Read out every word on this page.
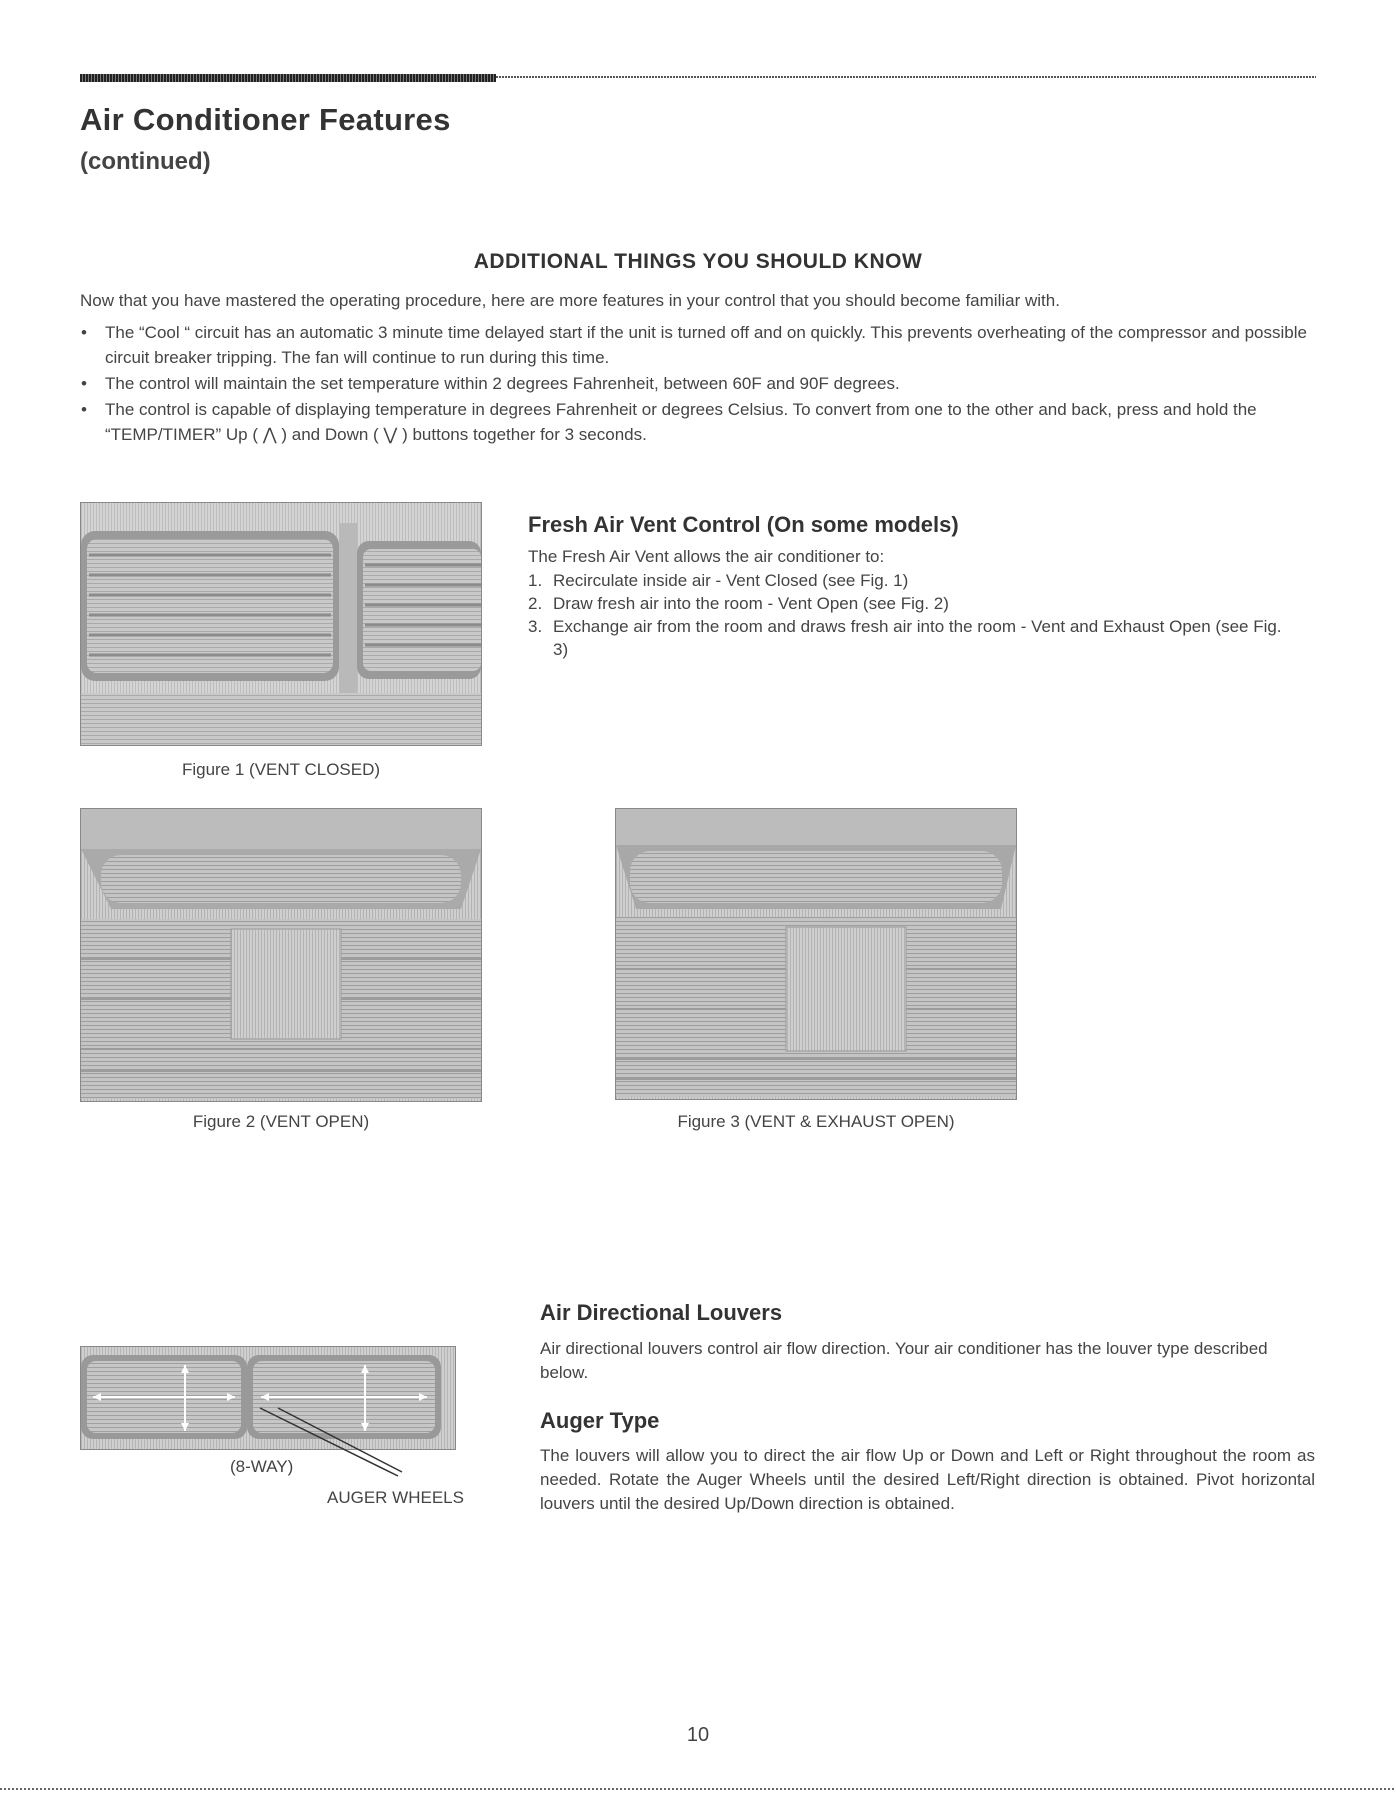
Air Conditioner Features
(continued)
ADDITIONAL THINGS YOU SHOULD KNOW
Now that you have mastered the operating procedure, here are more features in your control that you should become familiar with.
• The “Cool “ circuit has an automatic 3 minute time delayed start if the unit is turned off and on quickly. This prevents overheating of the compressor and possible circuit breaker tripping. The fan will continue to run during this time.
• The control will maintain the set temperature within 2 degrees Fahrenheit, between 60F and 90F degrees.
• The control is capable of displaying temperature in degrees Fahrenheit or degrees Celsius. To convert from one to the other and back, press and hold the “TEMP/TIMER” Up ( ⋀ ) and Down ( ⋁ ) buttons together for 3 seconds.
Figure 1 (VENT CLOSED)
Fresh Air Vent Control (On some models)
The Fresh Air Vent allows the air conditioner to:
1. Recirculate inside air - Vent Closed (see Fig. 1)
2. Draw fresh air into the room - Vent Open (see Fig. 2)
3. Exchange air from the room and draws fresh air into the room - Vent and Exhaust Open (see Fig. 3)
Figure 2 (VENT OPEN)	Figure 3 (VENT & EXHAUST OPEN)
(8-WAY)
AUGER WHEELS
Air Directional Louvers
Air directional louvers control air flow direction. Your air conditioner has the louver type described below.
Auger Type
The louvers will allow you to direct the air flow Up or Down and Left or Right throughout the room as needed. Rotate the Auger Wheels until the desired Left/Right direction is obtained. Pivot horizontal louvers until the desired Up/Down direction is obtained.
10
